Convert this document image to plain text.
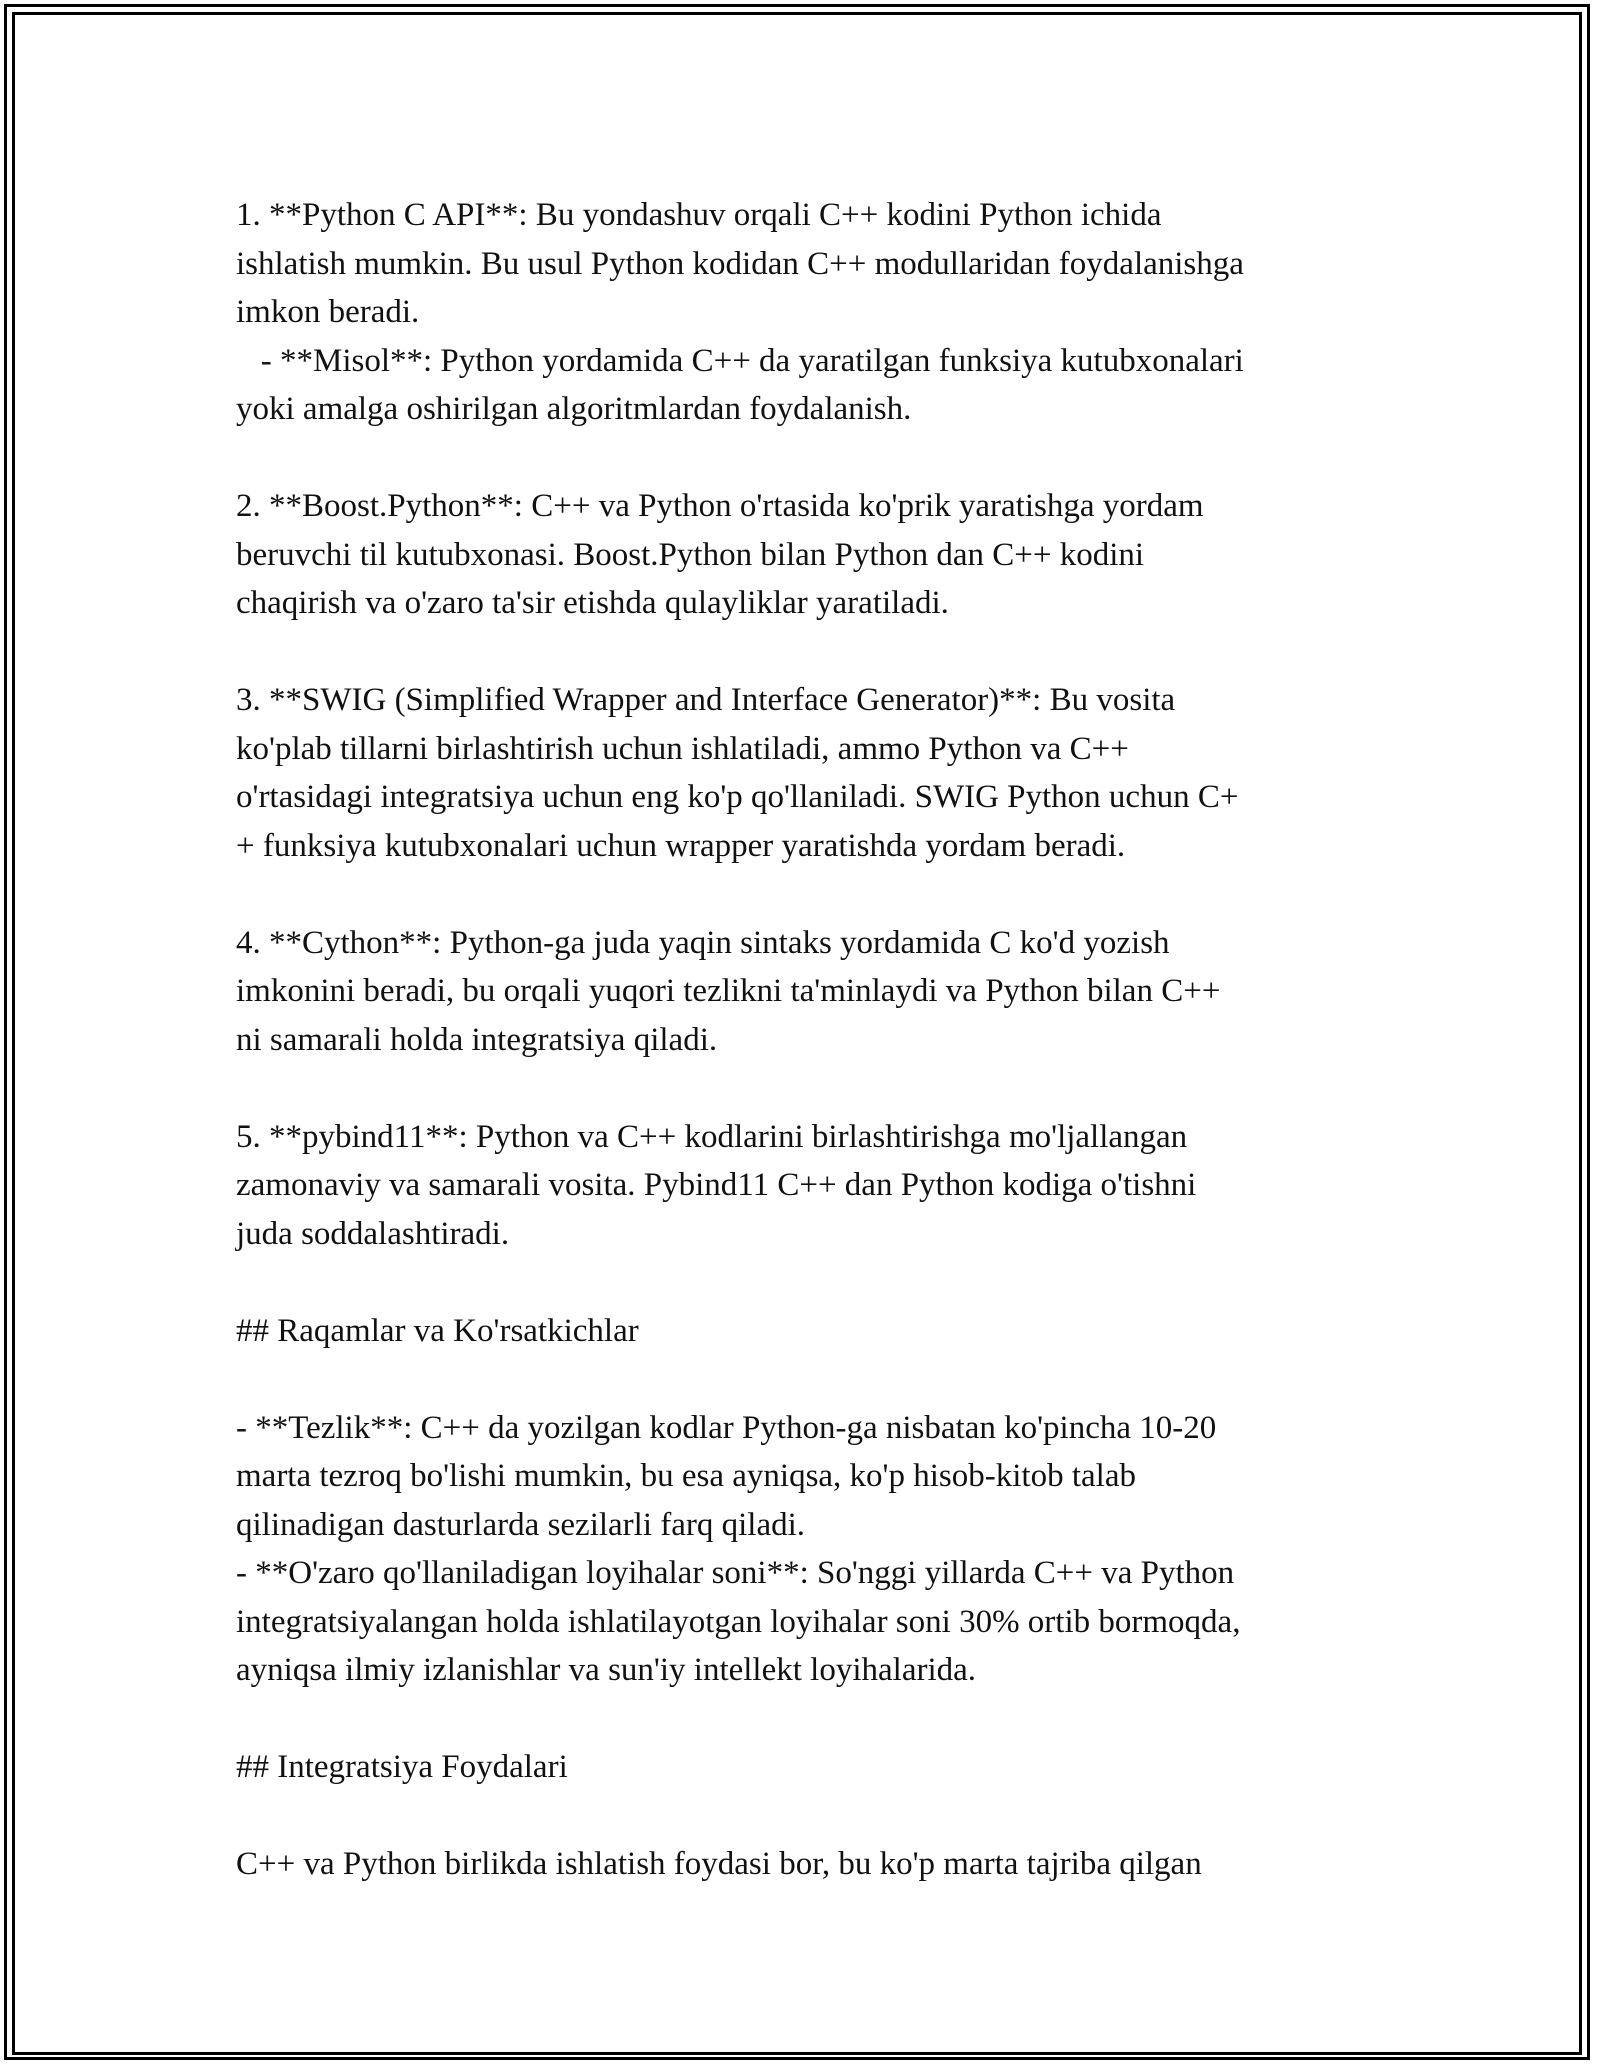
1. **Python C API**: Bu yondashuv orqali C++ kodini Python ichida

ishlatish mumkin. Bu usul Python kodidan C++ modullaridan foydalanishga

imkon beradi.

- **Misol**: Python yordamida C++ da yaratilgan funksiya kutubxonalari

yoki amalga oshirilgan algoritmlardan foydalanish.

2. **Boost.Python**: C++ va Python o'rtasida ko'prik yaratishga yordam

beruvchi til kutubxonasi. Boost.Python bilan Python dan C++ kodini

chaqirish va o'zaro ta'sir etishda qulayliklar yaratiladi.

3. **SWIG (Simplified Wrapper and Interface Generator)**: Bu vosita

ko'plab tillarni birlashtirish uchun ishlatiladi, ammo Python va C++

o'rtasidagi integratsiya uchun eng ko'p qo'llaniladi. SWIG Python uchun C+

+ funksiya kutubxonalari uchun wrapper yaratishda yordam beradi.

4. **Cython**: Python-ga juda yaqin sintaks yordamida C ko'd yozish

imkonini beradi, bu orqali yuqori tezlikni ta'minlaydi va Python bilan C++

ni samarali holda integratsiya qiladi.

5. **pybind11**: Python va C++ kodlarini birlashtirishga mo'ljallangan

zamonaviy va samarali vosita. Pybind11 C++ dan Python kodiga o'tishni

juda soddalashtiradi.

## Raqamlar va Ko'rsatkichlar

- **Tezlik**: C++ da yozilgan kodlar Python-ga nisbatan ko'pincha 10-20

marta tezroq bo'lishi mumkin, bu esa ayniqsa, ko'p hisob-kitob talab

qilinadigan dasturlarda sezilarli farq qiladi.

- **O'zaro qo'llaniladigan loyihalar soni**: So'nggi yillarda C++ va Python

integratsiyalangan holda ishlatilayotgan loyihalar soni 30% ortib bormoqda,

ayniqsa ilmiy izlanishlar va sun'iy intellekt loyihalarida.

## Integratsiya Foydalari

C++ va Python birlikda ishlatish foydasi bor, bu ko'p marta tajriba qilgan
